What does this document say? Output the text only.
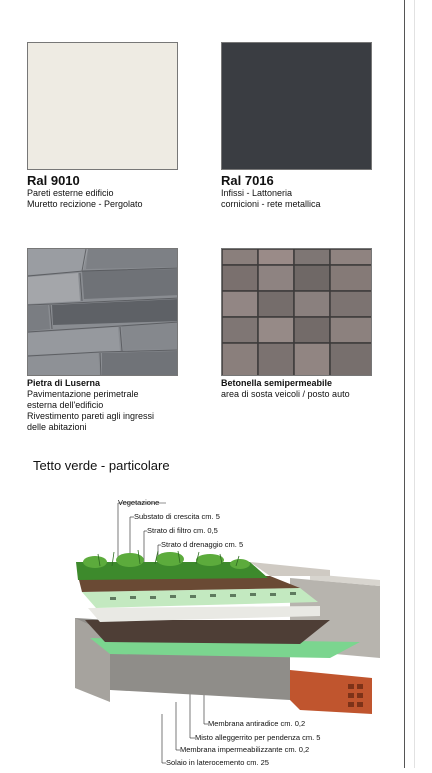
Ral 9010
Pareti esterne edificio
Muretto recizione - Pergolato
Ral 7016
Infissi - Lattoneria
cornicioni - rete metallica
Pietra di Luserna
Pavimentazione perimetrale
esterna dell'edificio
Rivestimento pareti agli ingressi
delle abitazioni
Betonella semipermeabile
area di sosta veicoli / posto auto
Tetto verde - particolare
Vegetazione
Substato di crescita cm. 5
Strato di filtro cm. 0,5
Strato d drenaggio cm. 5
Membrana antiradice cm. 0,2
Misto alleggerrito per pendenza cm. 5
Membrana impermeabilizzante cm. 0,2
Solaio in laterocemento cm. 25
